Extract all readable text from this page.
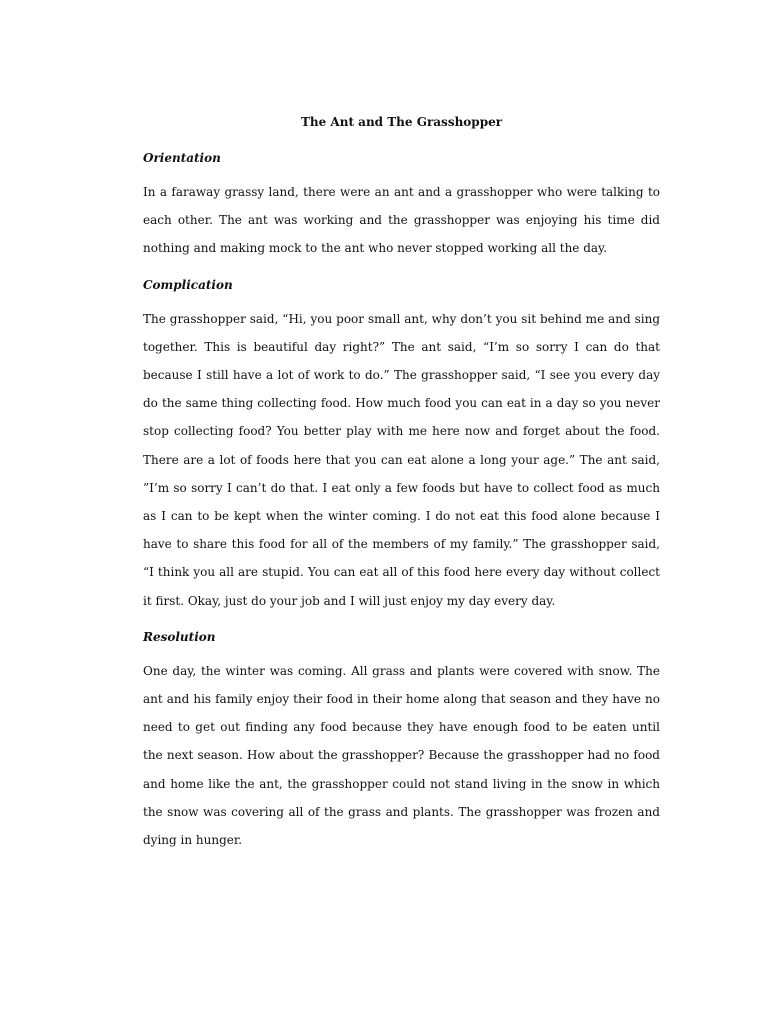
The Ant and The Grasshopper
Orientation

In a faraway grassy land, there were an ant and a grasshopper who were talking to each other. The ant was working and the grasshopper was enjoying his time did nothing and making mock to the ant who never stopped working all the day.

Complication

The grasshopper said, “Hi, you poor small ant, why don’t you sit behind me and sing together. This is beautiful day right?” The ant said, “I’m so sorry I can do that because I still have a lot of work to do.” The grasshopper said, “I see you every day do the same thing collecting food. How much food you can eat in a day so you never stop collecting food? You better play with me here now and forget about the food. There are a lot of foods here that you can eat alone a long your age.” The ant said, ”I’m so sorry I can’t do that. I eat only a few foods but have to collect food as much as I can to be kept when the winter coming. I do not eat this food alone because I have to share this food for all of the members of my family.” The grasshopper said, “I think you all are stupid. You can eat all of this food here every day without collect it first. Okay, just do your job and I will just enjoy my day every day.

Resolution

One day, the winter was coming. All grass and plants were covered with snow. The ant and his family enjoy their food in their home along that season and they have no need to get out finding any food because they have enough food to be eaten until the next season. How about the grasshopper? Because the grasshopper had no food and home like the ant, the grasshopper could not stand living in the snow in which the snow was covering all of the grass and plants. The grasshopper was frozen and dying in hunger.
